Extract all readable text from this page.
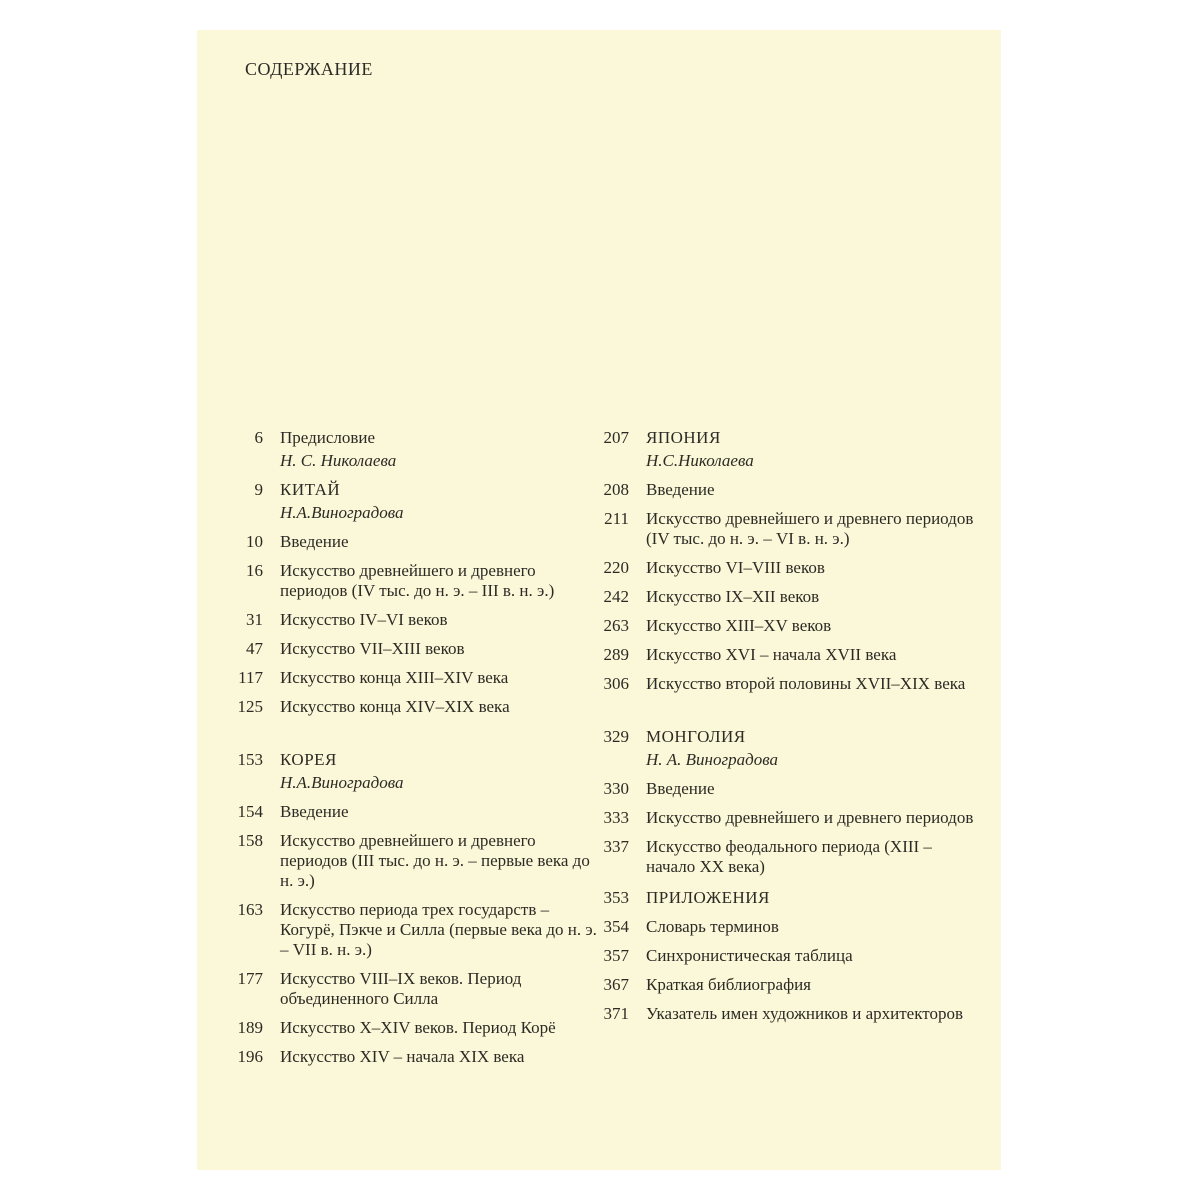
СОДЕРЖАНИЕ
6 Предисловие
Н. С. Николаева
9 КИТАЙ
Н.А.Виноградова
10 Введение
16 Искусство древнейшего и древнего периодов (IV тыс. до н. э. – III в. н. э.)
31 Искусство IV–VI веков
47 Искусство VII–XIII веков
117 Искусство конца XIII–XIV века
125 Искусство конца XIV–XIX века
153 КОРЕЯ
Н.А.Виноградова
154 Введение
158 Искусство древнейшего и древнего периодов (III тыс. до н. э. – первые века до н. э.)
163 Искусство периода трех государств – Когурё, Пэкче и Силла (первые века до н. э. – VII в. н. э.)
177 Искусство VIII–IX веков. Период объединенного Силла
189 Искусство X–XIV веков. Период Корё
196 Искусство XIV – начала XIX века
207 ЯПОНИЯ
Н.С.Николаева
208 Введение
211 Искусство древнейшего и древнего периодов (IV тыс. до н. э. – VI в. н. э.)
220 Искусство VI–VIII веков
242 Искусство IX–XII веков
263 Искусство XIII–XV веков
289 Искусство XVI – начала XVII века
306 Искусство второй половины XVII–XIX века
329 МОНГОЛИЯ
Н. А. Виноградова
330 Введение
333 Искусство древнейшего и древнего периодов
337 Искусство феодального периода (XIII – начало XX века)
353 ПРИЛОЖЕНИЯ
354 Словарь терминов
357 Синхронистическая таблица
367 Краткая библиография
371 Указатель имен художников и архитекторов
